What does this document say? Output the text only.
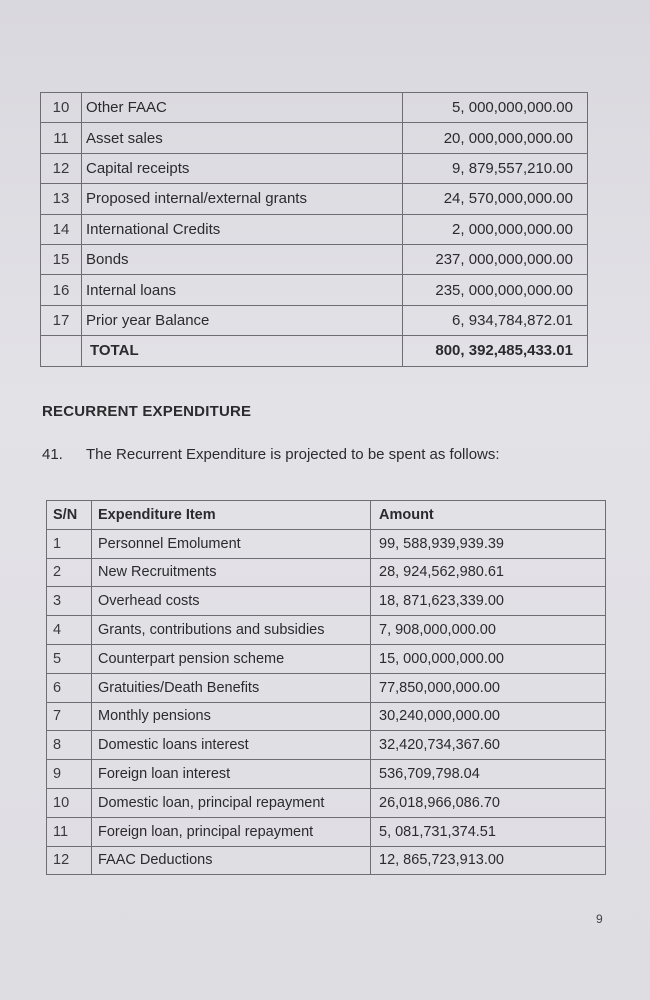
10	Other FAAC	5, 000,000,000.00
11	Asset sales	20, 000,000,000.00
12	Capital receipts	9, 879,557,210.00
13	Proposed internal/external grants	24, 570,000,000.00
14	International Credits	2, 000,000,000.00
15	Bonds	237, 000,000,000.00
16	Internal loans	235, 000,000,000.00
17	Prior year Balance	6, 934,784,872.01
	TOTAL	800, 392,485,433.01
RECURRENT EXPENDITURE
41. The Recurrent Expenditure is projected to be spent as follows:
S/N	Expenditure Item	Amount
1	Personnel Emolument	99, 588,939,939.39
2	New Recruitments	28, 924,562,980.61
3	Overhead costs	18, 871,623,339.00
4	Grants, contributions and subsidies	7, 908,000,000.00
5	Counterpart pension scheme	15, 000,000,000.00
6	Gratuities/Death Benefits	77,850,000,000.00
7	Monthly pensions	30,240,000,000.00
8	Domestic loans interest	32,420,734,367.60
9	Foreign loan interest	536,709,798.04
10	Domestic loan, principal repayment	26,018,966,086.70
11	Foreign loan, principal repayment	5, 081,731,374.51
12	FAAC Deductions	12, 865,723,913.00
9
